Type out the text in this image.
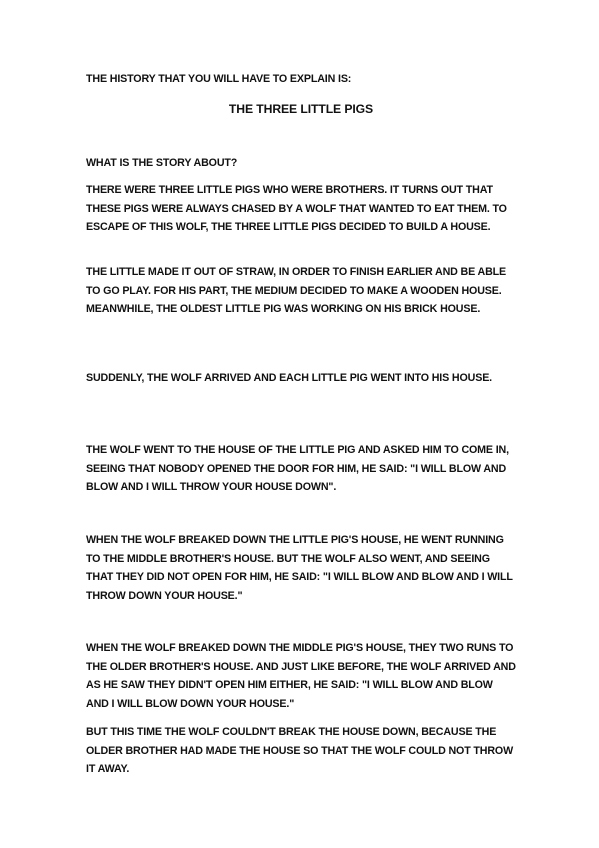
THE HISTORY THAT YOU WILL HAVE TO EXPLAIN IS:
THE THREE LITTLE PIGS
WHAT IS THE STORY ABOUT?
THERE WERE THREE LITTLE PIGS WHO WERE BROTHERS. IT TURNS OUT THAT THESE PIGS WERE ALWAYS CHASED BY A WOLF THAT WANTED TO EAT THEM. TO ESCAPE OF THIS WOLF, THE THREE LITTLE PIGS DECIDED TO BUILD A HOUSE.
THE LITTLE MADE IT OUT OF STRAW, IN ORDER TO FINISH EARLIER AND BE ABLE TO GO PLAY. FOR HIS PART, THE MEDIUM DECIDED TO MAKE A WOODEN HOUSE. MEANWHILE, THE OLDEST LITTLE PIG WAS WORKING ON HIS BRICK HOUSE.
SUDDENLY, THE WOLF ARRIVED AND EACH LITTLE PIG WENT INTO HIS HOUSE.
THE WOLF WENT TO THE HOUSE OF THE LITTLE PIG AND ASKED HIM TO COME IN, SEEING THAT NOBODY OPENED THE DOOR FOR HIM, HE SAID: "I WILL BLOW AND BLOW AND I WILL THROW YOUR HOUSE DOWN".
WHEN THE WOLF BREAKED DOWN THE LITTLE PIG'S HOUSE, HE WENT RUNNING TO THE MIDDLE BROTHER'S HOUSE. BUT THE WOLF ALSO WENT, AND SEEING THAT THEY DID NOT OPEN FOR HIM, HE SAID: "I WILL BLOW AND BLOW AND I WILL THROW DOWN YOUR HOUSE."
WHEN THE WOLF BREAKED DOWN THE MIDDLE PIG'S HOUSE, THEY TWO RUNS TO THE OLDER BROTHER'S HOUSE. AND JUST LIKE BEFORE, THE WOLF ARRIVED AND AS HE SAW THEY DIDN'T OPEN HIM EITHER, HE SAID: "I WILL BLOW AND BLOW AND I WILL BLOW DOWN YOUR HOUSE."
BUT THIS TIME THE WOLF COULDN'T BREAK THE HOUSE DOWN, BECAUSE THE OLDER BROTHER HAD MADE THE HOUSE SO THAT THE WOLF COULD NOT THROW IT AWAY.
